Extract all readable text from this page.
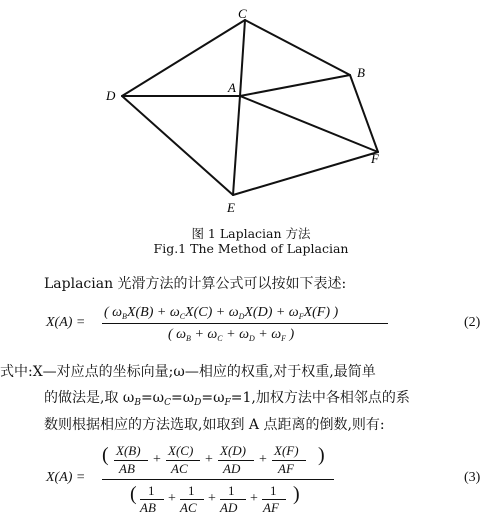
C
B
D
A
F
E
图 1 Laplacian 方法
Fig.1 The Method of Laplacian
Laplacian 光滑方法的计算公式可以按如下表述:
X(A) =
( $\omega_BX(B) + \omega_CX(C) + \omega_DX(D) + \omega_FX(F)$ )
( $\omega_B + \omega_C + \omega_D + \omega_F$ )
(2)
式中:X—对应点的坐标向量;ω—相应的权重,对于权重,最简单
的做法是,取 $\omega_B=\omega_C=\omega_D=\omega_F=1$,加权方法中各相邻点的系
数则根据相应的方法选取,如取到 A 点距离的倒数,则有:
X(A) =
( X(B)
AB
+
X(C)
AC
+
X(D)
AD
+
X(F)
AF
)
( 1
AB
+
1
AC
+
1
AD
+
1
AF
)
(3)
